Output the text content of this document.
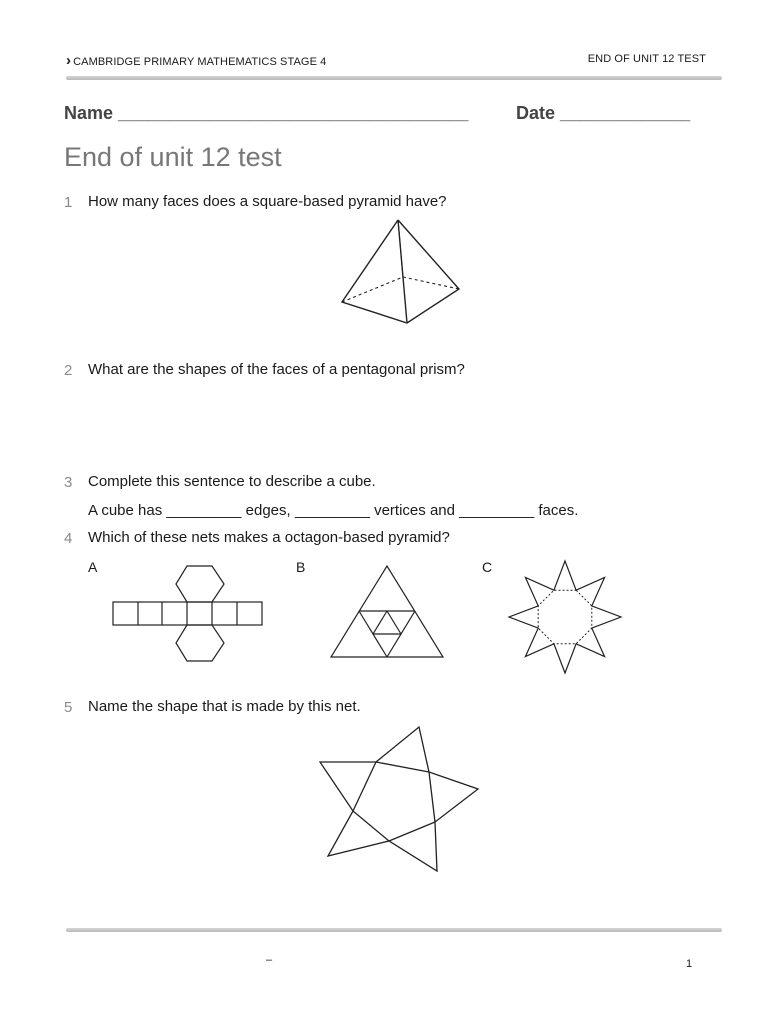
› CAMBRIDGE PRIMARY MATHEMATICS STAGE 4	END OF UNIT 12 TEST
Name ___________________________________	Date _____________
End of unit 12 test
1 How many faces does a square-based pyramid have?
2 What are the shapes of the faces of a pentagonal prism?
3 Complete this sentence to describe a cube.
A cube has _________ edges, _________ vertices and _________ faces.
4 Which of these nets makes a octagon-based pyramid?
A	B	C
5 Name the shape that is made by this net.
–	1
